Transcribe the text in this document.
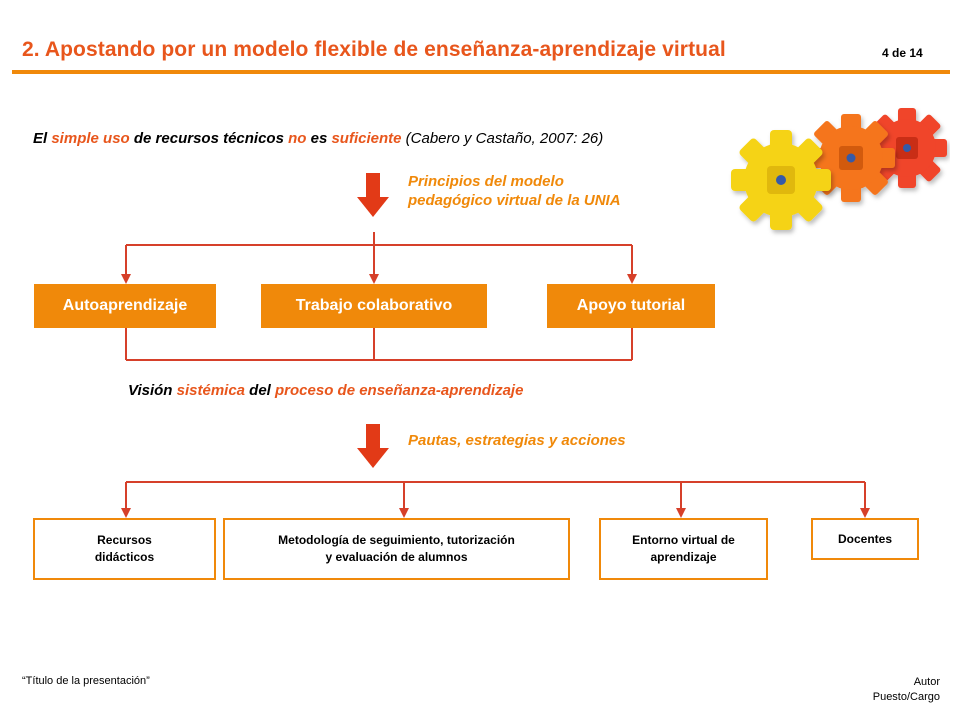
2. Apostando por un modelo flexible de enseñanza-aprendizaje virtual	4 de 14
El simple uso de recursos técnicos no es suficiente (Cabero y Castaño, 2007: 26)
Principios del modelo
pedagógico virtual de la UNIA
Autoaprendizaje	Trabajo colaborativo	Apoyo tutorial
Visión sistémica del proceso de enseñanza-aprendizaje
Pautas, estrategias y acciones
Recursos
didácticos
Metodología de seguimiento, tutorización
y evaluación de alumnos
Entorno virtual de
aprendizaje
Docentes
“Título de la presentación”	Autor
Puesto/Cargo
